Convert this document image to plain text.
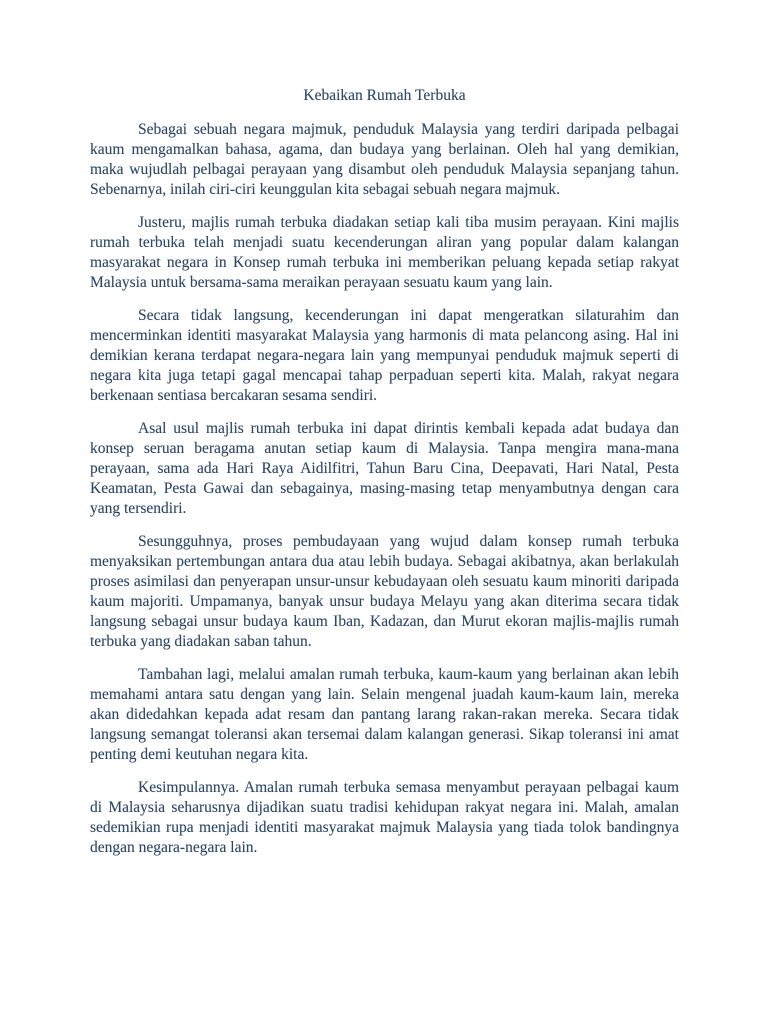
Kebaikan Rumah Terbuka

Sebagai sebuah negara majmuk, penduduk Malaysia yang terdiri daripada pelbagai kaum mengamalkan bahasa, agama, dan budaya yang berlainan. Oleh hal yang demikian, maka wujudlah pelbagai perayaan yang disambut oleh penduduk Malaysia sepanjang tahun. Sebenarnya, inilah ciri-ciri keunggulan kita sebagai sebuah negara majmuk.

Justeru, majlis rumah terbuka diadakan setiap kali tiba musim perayaan. Kini majlis rumah terbuka telah menjadi suatu kecenderungan aliran yang popular dalam kalangan masyarakat negara in Konsep rumah terbuka ini memberikan peluang kepada setiap rakyat Malaysia untuk bersama-sama meraikan perayaan sesuatu kaum yang lain.

Secara tidak langsung, kecenderungan ini dapat mengeratkan silaturahim dan mencerminkan identiti masyarakat Malaysia yang harmonis di mata pelancong asing. Hal ini demikian kerana terdapat negara-negara lain yang mempunyai penduduk majmuk seperti di negara kita juga tetapi gagal mencapai tahap perpaduan seperti kita. Malah, rakyat negara berkenaan sentiasa bercakaran sesama sendiri.

Asal usul majlis rumah terbuka ini dapat dirintis kembali kepada adat budaya dan konsep seruan beragama anutan setiap kaum di Malaysia. Tanpa mengira mana-mana perayaan, sama ada Hari Raya Aidilfitri, Tahun Baru Cina, Deepavati, Hari Natal, Pesta Keamatan, Pesta Gawai dan sebagainya, masing-masing tetap menyambutnya dengan cara yang tersendiri.

Sesungguhnya, proses pembudayaan yang wujud dalam konsep rumah terbuka menyaksikan pertembungan antara dua atau lebih budaya. Sebagai akibatnya, akan berlakulah proses asimilasi dan penyerapan unsur-unsur kebudayaan oleh sesuatu kaum minoriti daripada kaum majoriti. Umpamanya, banyak unsur budaya Melayu yang akan diterima secara tidak langsung sebagai unsur budaya kaum Iban, Kadazan, dan Murut ekoran majlis-majlis rumah terbuka yang diadakan saban tahun.

Tambahan lagi, melalui amalan rumah terbuka, kaum-kaum yang berlainan akan lebih memahami antara satu dengan yang lain. Selain mengenal juadah kaum-kaum lain, mereka akan didedahkan kepada adat resam dan pantang larang rakan-rakan mereka. Secara tidak langsung semangat toleransi akan tersemai dalam kalangan generasi. Sikap toleransi ini amat penting demi keutuhan negara kita.

Kesimpulannya. Amalan rumah terbuka semasa menyambut perayaan pelbagai kaum di Malaysia seharusnya dijadikan suatu tradisi kehidupan rakyat negara ini. Malah, amalan sedemikian rupa menjadi identiti masyarakat majmuk Malaysia yang tiada tolok bandingnya dengan negara-negara lain.
